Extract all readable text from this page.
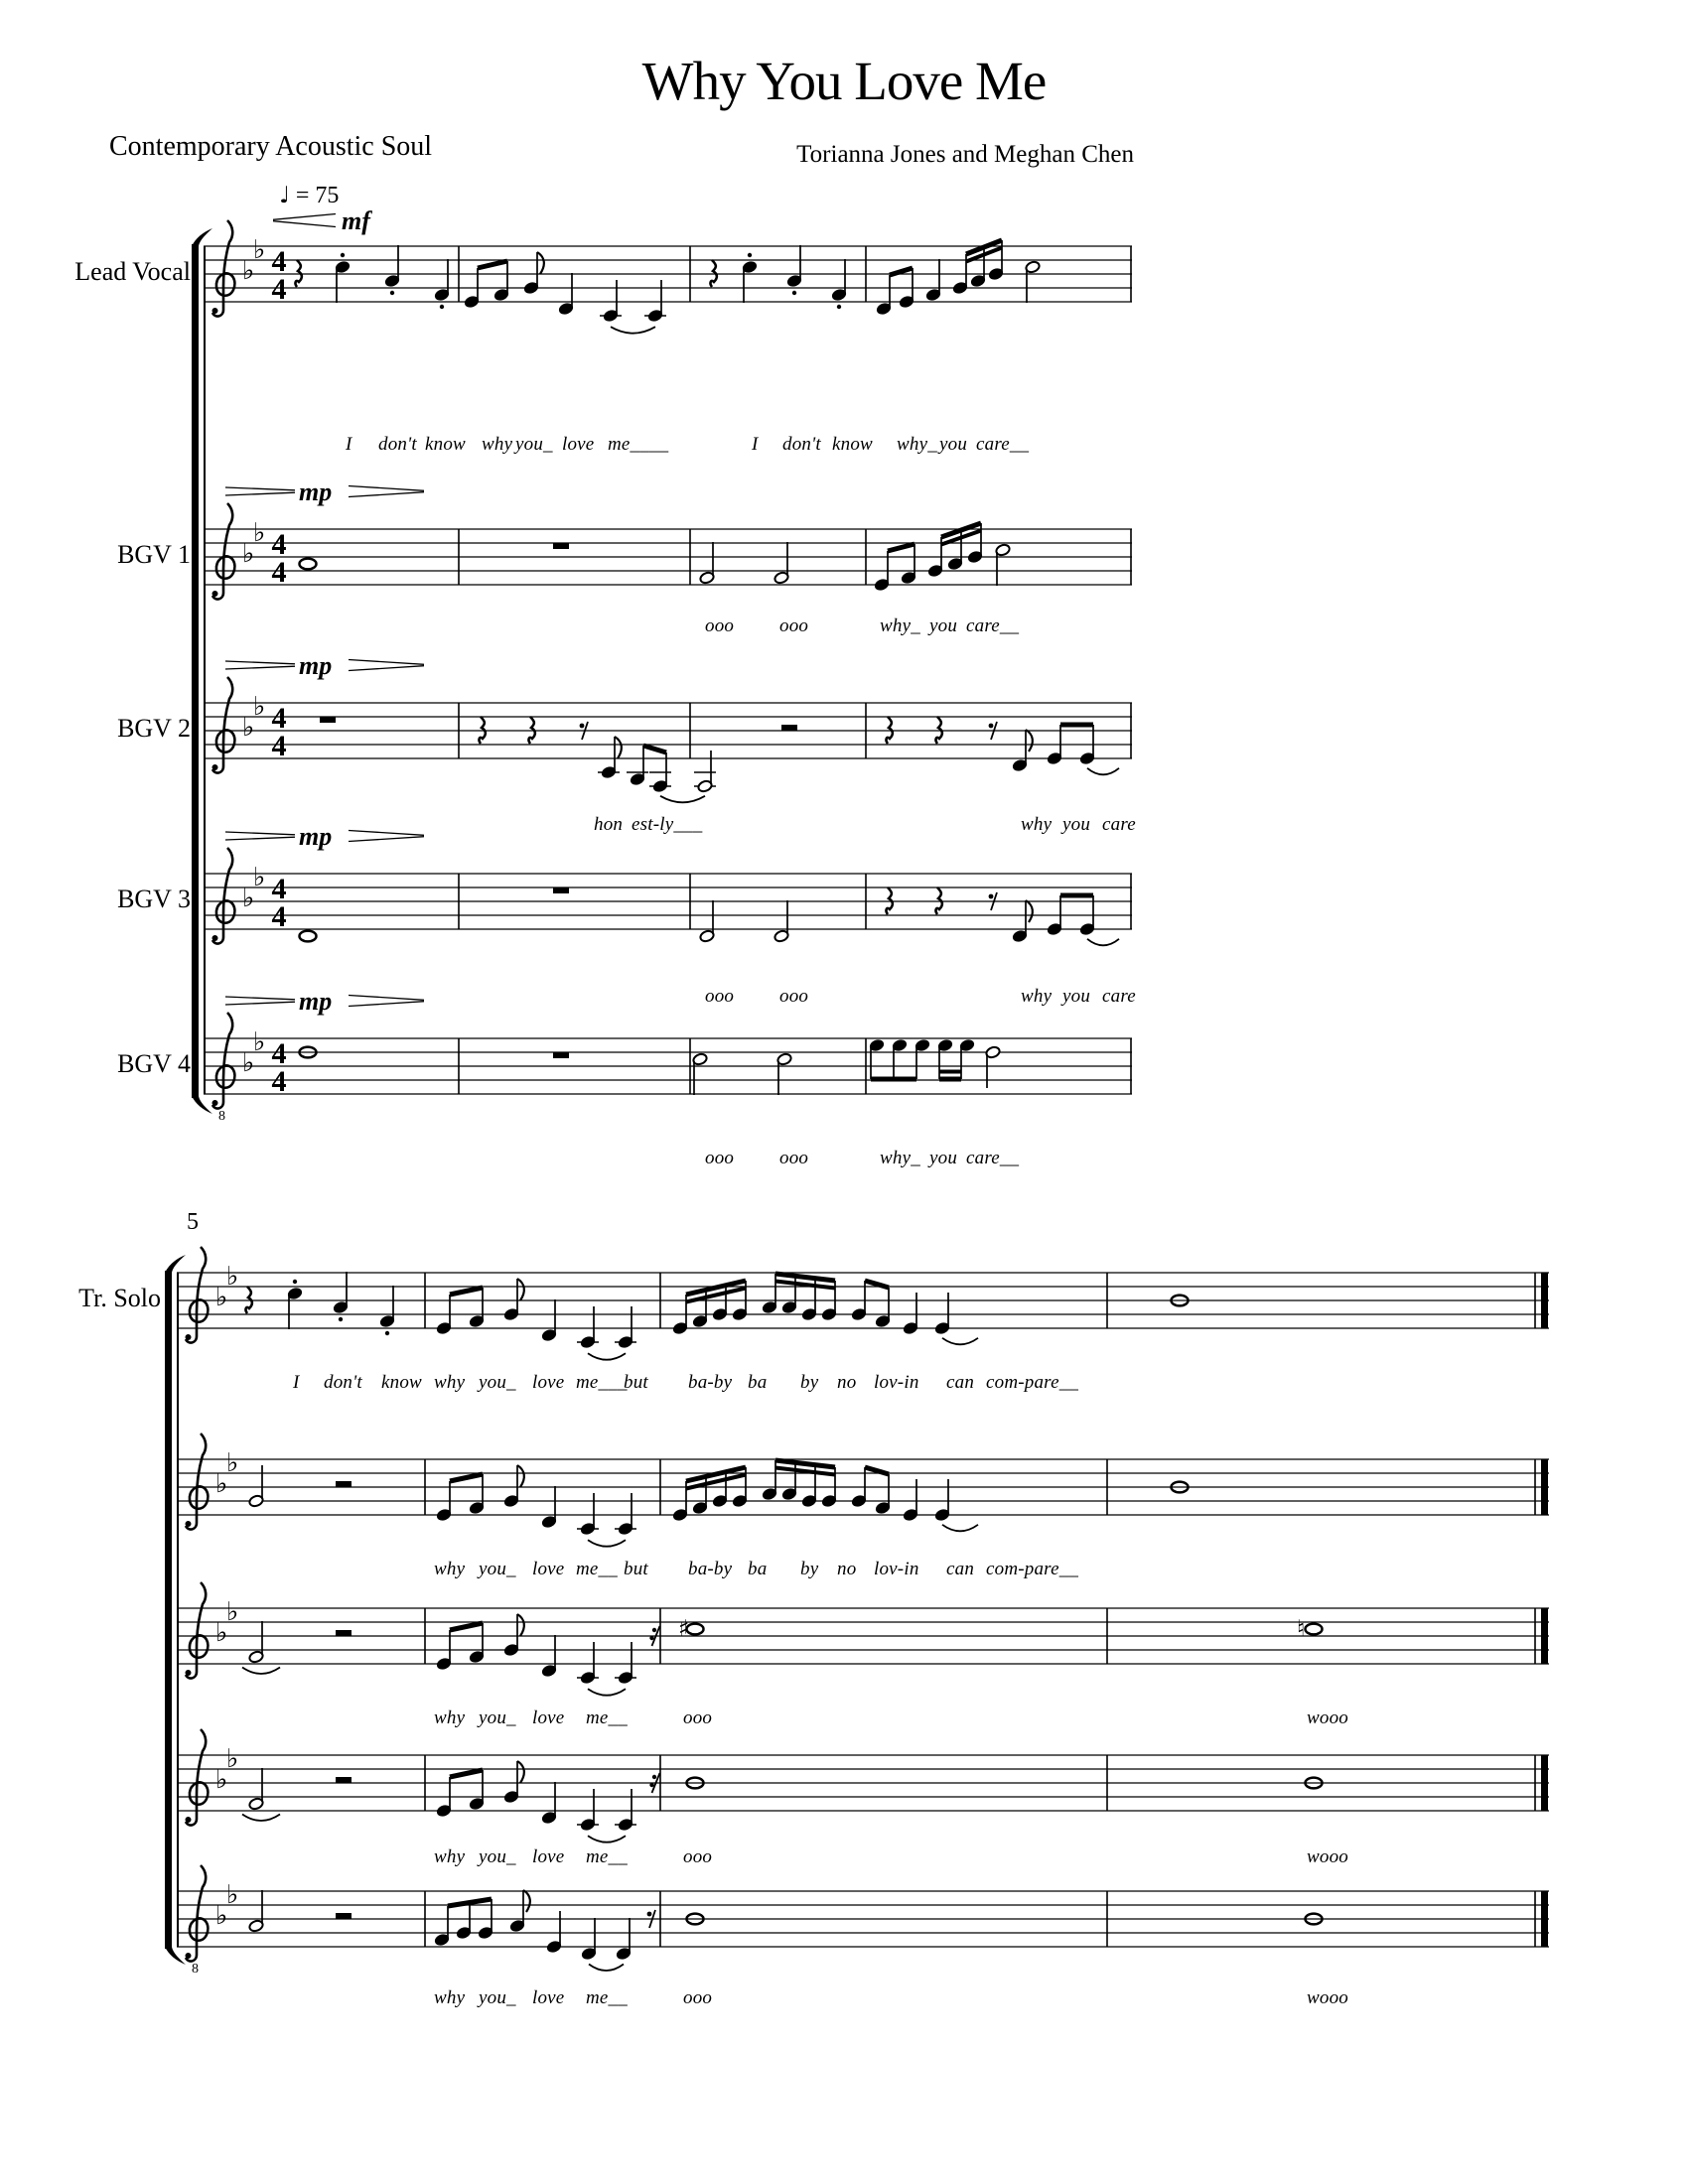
Why You Love Me
Contemporary Acoustic Soul	Torianna Jones and Meghan Chen
♩ = 75
5
♭
♭ 4
4
mf
Lead Vocal
I don't know why you_ love me____	I don't know why_ you care__
♭
♭ 4
4
mp
BGV 1
ooo ooo	why_ you care__
♭
♭ 4
4
mp
BGV 2
hon est-ly___	why you care
♭
♭ 4
4
mp
BGV 3
ooo ooo	why you care
8
♭
♭ 4
4
mp
BGV 4
ooo ooo	why_ you care__
♭
♭
Tr. Solo
I don't know why you_ love me___
but ba-by ba by no lov-in can com-pare__
♭
♭
why you_ love me__ but ba-by ba by no lov-in can com-pare__
♭
♭
♯	♮
why you_ love me__	ooo	wooo
♭
♭
why you_ love me__	ooo	wooo
8
♭
♭
why you_ love me__	ooo	wooo
